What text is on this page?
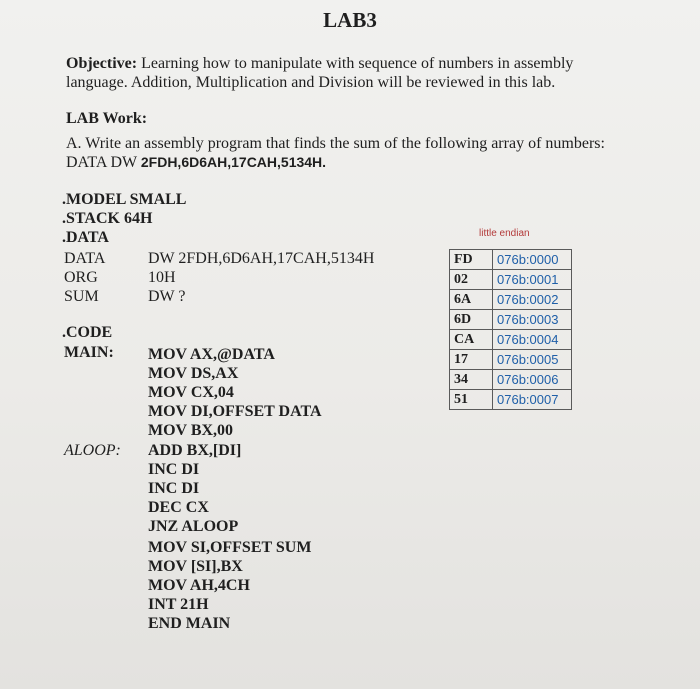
LAB3
Objective: Learning how to manipulate with sequence of numbers in assembly language. Addition, Multiplication and Division will be reviewed in this lab.
LAB Work:
A. Write an assembly program that finds the sum of the following array of numbers: DATA DW 2FDH,6D6AH,17CAH,5134H.
.MODEL SMALL
.STACK 64H
.DATA
DATA	DW 2FDH,6D6AH,17CAH,5134H
ORG	10H
SUM	DW ?
.CODE
MAIN: MOV AX,@DATA
MOV DS,AX
MOV CX,04
MOV DI,OFFSET DATA
MOV BX,00
ALOOP: ADD BX,[DI]
INC DI
INC DI
DEC CX
JNZ ALOOP
MOV SI,OFFSET SUM
MOV [SI],BX
MOV AH,4CH
INT 21H
END MAIN
little endian
FD	076b:0000
02	076b:0001
6A	076b:0002
6D	076b:0003
CA	076b:0004
17	076b:0005
34	076b:0006
51	076b:0007
